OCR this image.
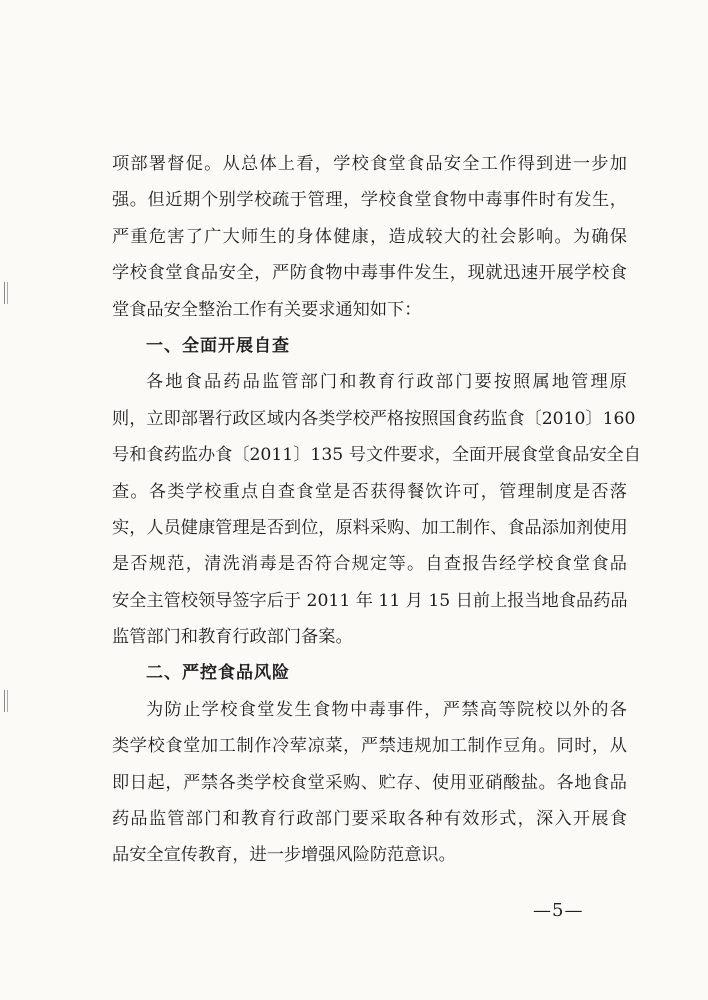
项部署督促。从总体上看，学校食堂食品安全工作得到进一步加
强。但近期个别学校疏于管理，学校食堂食物中毒事件时有发生，
严重危害了广大师生的身体健康，造成较大的社会影响。为确保
学校食堂食品安全，严防食物中毒事件发生，现就迅速开展学校食
堂食品安全整治工作有关要求通知如下：
一、全面开展自查
各地食品药品监管部门和教育行政部门要按照属地管理原
则，立即部署行政区域内各类学校严格按照国食药监食〔2010〕160
号和食药监办食〔2011〕135 号文件要求，全面开展食堂食品安全自
查。各类学校重点自查食堂是否获得餐饮许可，管理制度是否落
实，人员健康管理是否到位，原料采购、加工制作、食品添加剂使用
是否规范，清洗消毒是否符合规定等。自查报告经学校食堂食品
安全主管校领导签字后于 2011 年 11 月 15 日前上报当地食品药品
监管部门和教育行政部门备案。
二、严控食品风险
为防止学校食堂发生食物中毒事件，严禁高等院校以外的各
类学校食堂加工制作冷荤凉菜，严禁违规加工制作豆角。同时，从
即日起，严禁各类学校食堂采购、贮存、使用亚硝酸盐。各地食品
药品监管部门和教育行政部门要采取各种有效形式，深入开展食
品安全宣传教育，进一步增强风险防范意识。
—5—
